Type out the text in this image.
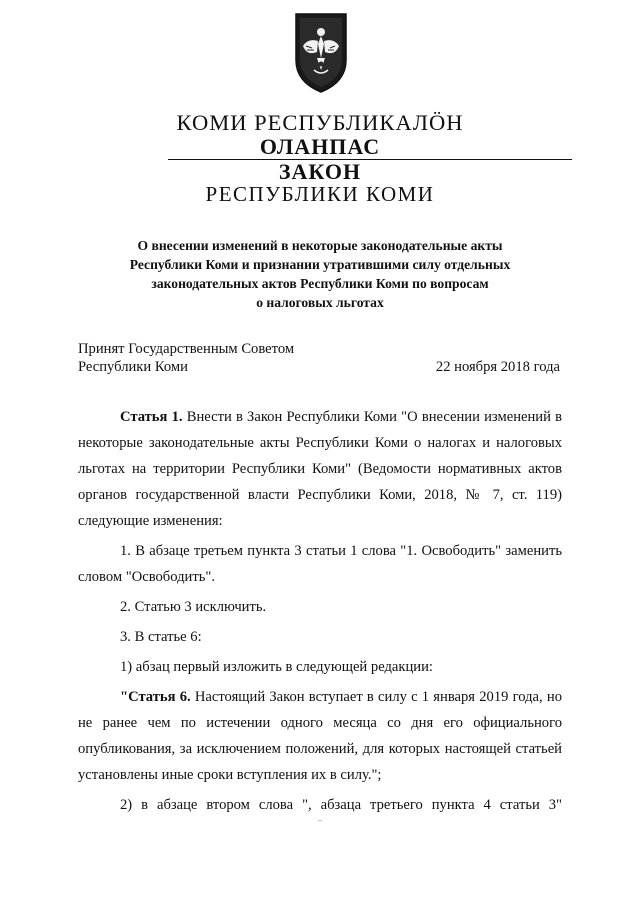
КОМИ РЕСПУБЛИКАЛÖН
ОЛАНПАС
ЗАКОН
РЕСПУБЛИКИ КОМИ
О внесении изменений в некоторые законодательные акты
Республики Коми и признании утратившими силу отдельных
законодательных актов Республики Коми по вопросам
о налоговых льготах
Принят Государственным Советом
Республики Коми	22 ноября 2018 года

Статья 1. Внести в Закон Республики Коми "О внесении изменений в некоторые законодательные акты Республики Коми о налогах и налоговых льготах на территории Республики Коми" (Ведомости нормативных актов органов государственной власти Республики Коми, 2018, № 7, ст. 119) следующие изменения:

1. В абзаце третьем пункта 3 статьи 1 слова "1. Освободить" заменить словом "Освободить".

2. Статью 3 исключить.

3. В статье 6:

1) абзац первый изложить в следующей редакции:

"Статья 6. Настоящий Закон вступает в силу с 1 января 2019 года, но не ранее чем по истечении одного месяца со дня его официального опубликования, за исключением положений, для которых настоящей статьей установлены иные сроки вступления их в силу.";

2) в абзаце втором слова ", абзаца третьего пункта 4 статьи 3"
